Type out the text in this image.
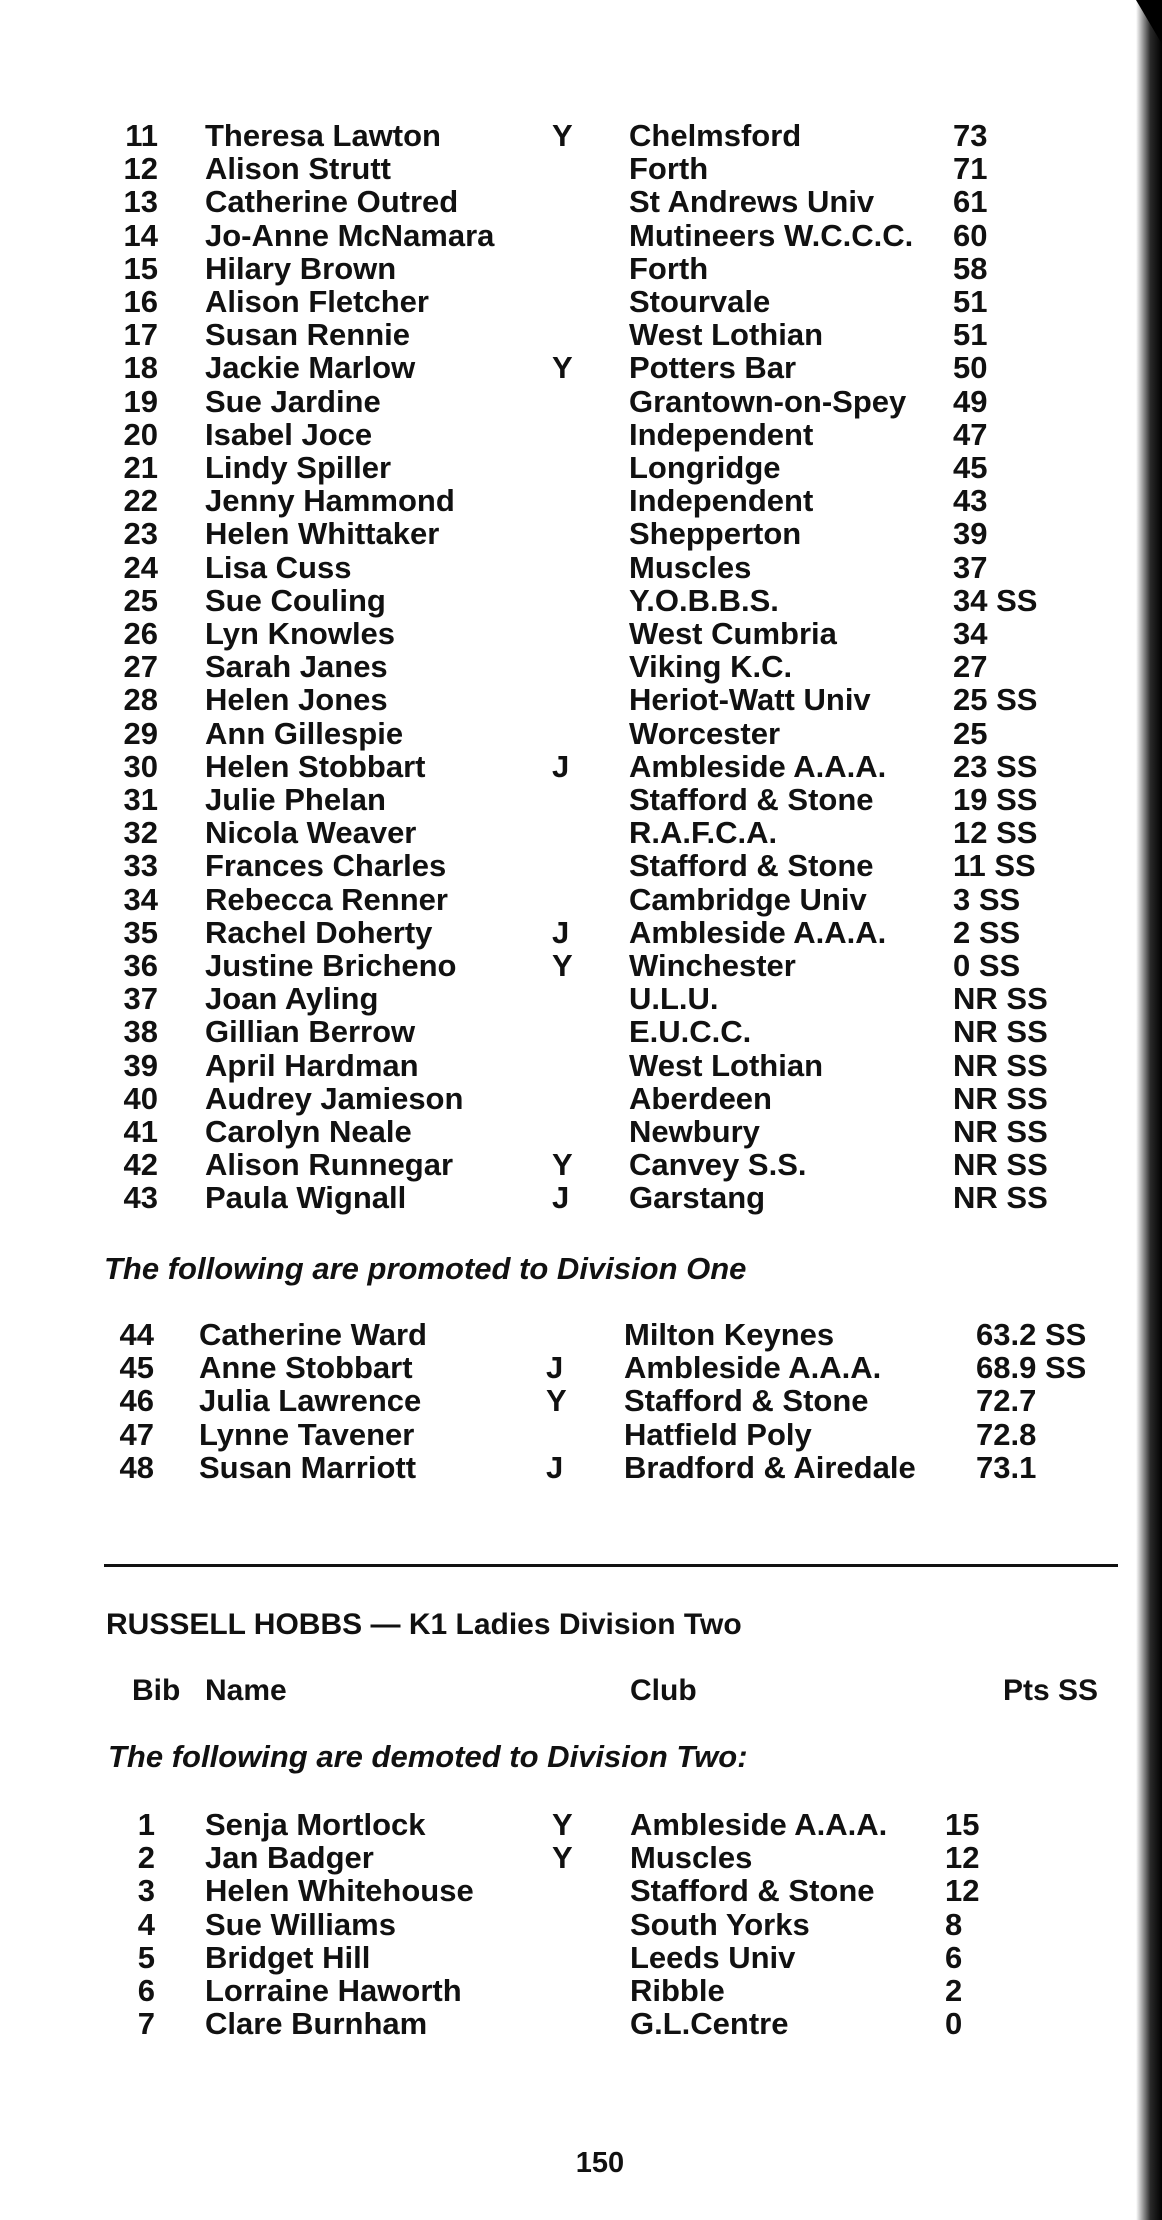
11 Theresa Lawton	Y Chelmsford	73
12 Alison Strutt	Forth	71
13 Catherine Outred	St Andrews Univ	61
14 Jo-Anne McNamara	Mutineers W.C.C.C. 60
15 Hilary Brown	Forth	58
16 Alison Fletcher	Stourvale	51
17 Susan Rennie	West Lothian	51
18 Jackie Marlow	Y Potters Bar	50
19 Sue Jardine	Grantown-on-Spey 49
20 Isabel Joce	Independent	47
21 Lindy Spiller	Longridge	45
22 Jenny Hammond	Independent	43
23 Helen Whittaker	Shepperton	39
24 Lisa Cuss	Muscles	37
25 Sue Couling	Y.O.B.B.S.	34 SS
26 Lyn Knowles	West Cumbria	34
27 Sarah Janes	Viking K.C.	27
28 Helen Jones	Heriot-Watt Univ	25 SS
29 Ann Gillespie	Worcester	25
30 Helen Stobbart	J Ambleside A.A.A. 23 SS
31 Julie Phelan	Stafford & Stone	19 SS
32 Nicola Weaver	R.A.F.C.A.	12 SS
33 Frances Charles	Stafford & Stone	11 SS
34 Rebecca Renner	Cambridge Univ	3 SS
35 Rachel Doherty	J Ambleside A.A.A. 2 SS
36 Justine Bricheno	Y Winchester	0 SS
37 Joan Ayling	U.L.U.	NR SS
38 Gillian Berrow	E.U.C.C.	NR SS
39 April Hardman	West Lothian	NR SS
40 Audrey Jamieson	Aberdeen	NR SS
41 Carolyn Neale	Newbury	NR SS
42 Alison Runnegar	Y Canvey S.S.	NR SS
43 Paula Wignall	J Garstang	NR SS
The following are promoted to Division One
44 Catherine Ward	Milton Keynes	63.2 SS
45 Anne Stobbart	J Ambleside A.A.A.	68.9 SS
46 Julia Lawrence	Y Stafford & Stone	72.7
47 Lynne Tavener	Hatfield Poly	72.8
48 Susan Marriott	J Bradford & Airedale 73.1
RUSSELL HOBBS — K1 Ladies Division Two
Bib Name	Club	Pts SS
The following are demoted to Division Two:
1 Senja Mortlock	Y Ambleside A.A.A. 15
2 Jan Badger	Y Muscles	12
3 Helen Whitehouse	Stafford & Stone 12
4 Sue Williams	South Yorks	8
5 Bridget Hill	Leeds Univ	6
6 Lorraine Haworth	Ribble	2
7 Clare Burnham	G.L.Centre	0
150
